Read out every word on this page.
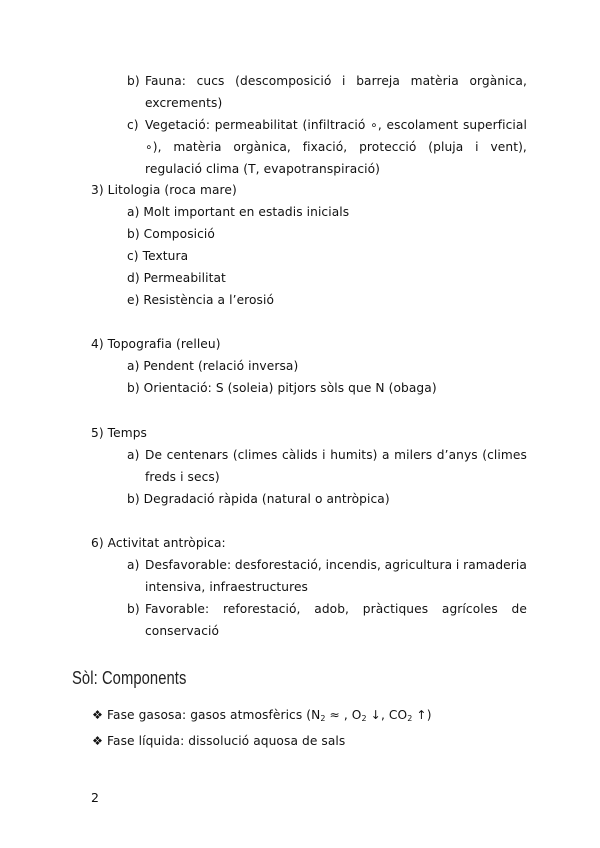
b) Fauna: cucs (descomposició i barreja matèria orgànica,
excrements)
c) Vegetació: permeabilitat (infiltració ∘, escolament superficial
∘), matèria orgànica, fixació, protecció (pluja i vent),
regulació clima (T, evapotranspiració)
3) Litologia (roca mare)
a) Molt important en estadis inicials
b) Composició
c) Textura
d) Permeabilitat
e) Resistència a l’erosió
4) Topografia (relleu)
a) Pendent (relació inversa)
b) Orientació: S (soleia) pitjors sòls que N (obaga)
5) Temps
a) De centenars (climes càlids i humits) a milers d’anys (climes
freds i secs)
b) Degradació ràpida (natural o antròpica)
6) Activitat antròpica:
a) Desfavorable: desforestació, incendis, agricultura i ramaderia
intensiva, infraestructures
b) Favorable: reforestació, adob, pràctiques agrícoles de
conservació
Sòl: Components
❖ Fase gasosa: gasos atmosfèrics ($N_2$ ≈ , $O_2$ ↓, $CO_2$ ↑)
❖ Fase líquida: dissolució aquosa de sals
2
